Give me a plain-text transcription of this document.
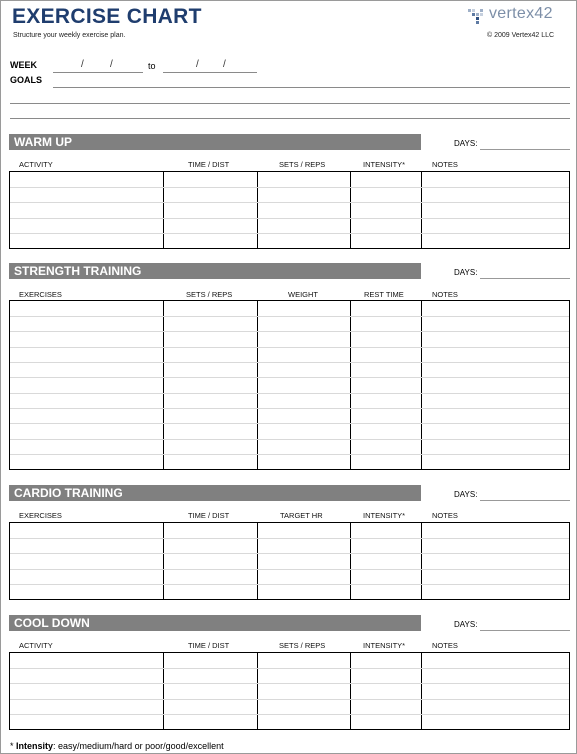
EXERCISE CHART
Structure your weekly exercise plan.
vertex42
© 2009 Vertex42 LLC
WEEK	/	/	to	/ /
GOALS
WARM UP	DAYS:
ACTIVITY	TIME / DIST	SETS / REPS	INTENSITY*	NOTES
STRENGTH TRAINING	DAYS:
EXERCISES	SETS / REPS	WEIGHT	REST TIME	NOTES
CARDIO TRAINING	DAYS:
EXERCISES	TIME / DIST	TARGET HR	INTENSITY*	NOTES
COOL DOWN	DAYS:
ACTIVITY	TIME / DIST	SETS / REPS	INTENSITY*	NOTES
* Intensity: easy/medium/hard or poor/good/excellent
